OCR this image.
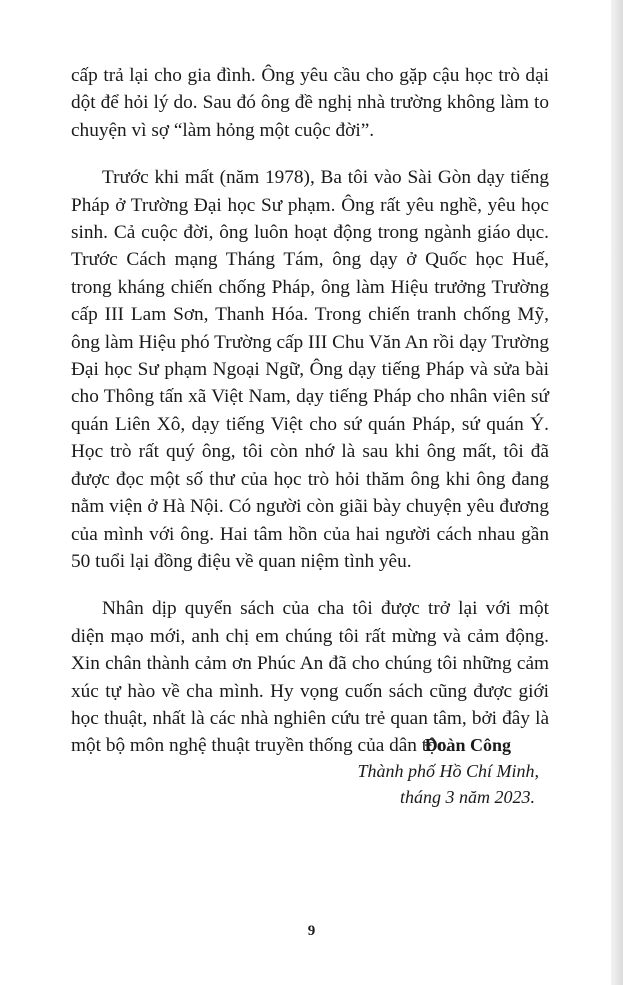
cấp trả lại cho gia đình. Ông yêu cầu cho gặp cậu học trò dại dột để hỏi lý do. Sau đó ông đề nghị nhà trường không làm to chuyện vì sợ “làm hỏng một cuộc đời”.

Trước khi mất (năm 1978), Ba tôi vào Sài Gòn dạy tiếng Pháp ở Trường Đại học Sư phạm. Ông rất yêu nghề, yêu học sinh. Cả cuộc đời, ông luôn hoạt động trong ngành giáo dục. Trước Cách mạng Tháng Tám, ông dạy ở Quốc học Huế, trong kháng chiến chống Pháp, ông làm Hiệu trưởng Trường cấp III Lam Sơn, Thanh Hóa. Trong chiến tranh chống Mỹ, ông làm Hiệu phó Trường cấp III Chu Văn An rồi dạy Trường Đại học Sư phạm Ngoại Ngữ, Ông dạy tiếng Pháp và sửa bài cho Thông tấn xã Việt Nam, dạy tiếng Pháp cho nhân viên sứ quán Liên Xô, dạy tiếng Việt cho sứ quán Pháp, sứ quán Ý. Học trò rất quý ông, tôi còn nhớ là sau khi ông mất, tôi đã được đọc một số thư của học trò hỏi thăm ông khi ông đang nằm viện ở Hà Nội. Có người còn giãi bày chuyện yêu đương của mình với ông. Hai tâm hồn của hai người cách nhau gần 50 tuổi lại đồng điệu về quan niệm tình yêu.

Nhân dịp quyển sách của cha tôi được trở lại với một diện mạo mới, anh chị em chúng tôi rất mừng và cảm động. Xin chân thành cảm ơn Phúc An đã cho chúng tôi những cảm xúc tự hào về cha mình. Hy vọng cuốn sách cũng được giới học thuật, nhất là các nhà nghiên cứu trẻ quan tâm, bởi đây là một bộ môn nghệ thuật truyền thống của dân tộc.

Đoàn Công
Thành phố Hồ Chí Minh,
tháng 3 năm 2023.
9
